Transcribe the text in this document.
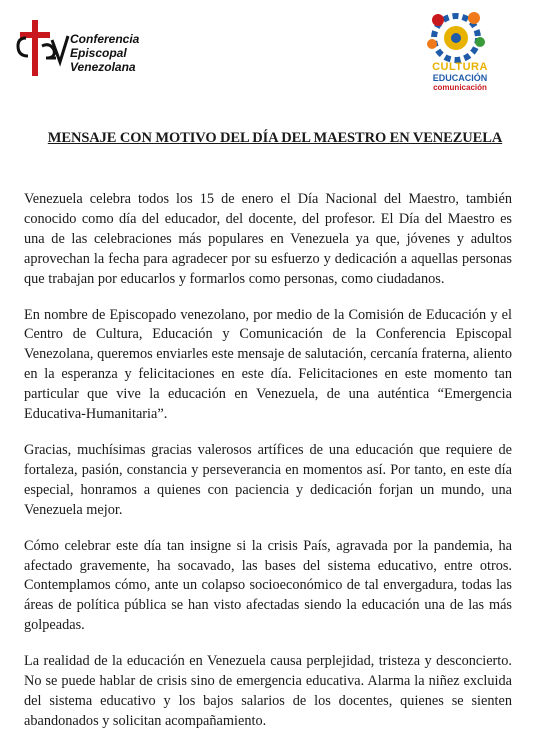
Conferencia
Episcopal
Venezolana	CULTURA
EDUCACIÓN
comunicación
MENSAJE CON MOTIVO DEL DÍA DEL MAESTRO EN VENEZUELA

Venezuela celebra todos los 15 de enero el Día Nacional del Maestro, también conocido como día del educador, del docente, del profesor. El Día del Maestro es una de las celebraciones más populares en Venezuela ya que, jóvenes y adultos aprovechan la fecha para agradecer por su esfuerzo y dedicación a aquellas personas que trabajan por educarlos y formarlos como personas, como ciudadanos.

En nombre de Episcopado venezolano, por medio de la Comisión de Educación y el Centro de Cultura, Educación y Comunicación de la Conferencia Episcopal Venezolana, queremos enviarles este mensaje de salutación, cercanía fraterna, aliento en la esperanza y felicitaciones en este día. Felicitaciones en este momento tan particular que vive la educación en Venezuela, de una auténtica “Emergencia Educativa-Humanitaria”.

Gracias, muchísimas gracias valerosos artífices de una educación que requiere de fortaleza, pasión, constancia y perseverancia en momentos así. Por tanto, en este día especial, honramos a quienes con paciencia y dedicación forjan un mundo, una Venezuela mejor.

Cómo celebrar este día tan insigne si la crisis País, agravada por la pandemia, ha afectado gravemente, ha socavado, las bases del sistema educativo, entre otros. Contemplamos cómo, ante un colapso socioeconómico de tal envergadura, todas las áreas de política pública se han visto afectadas siendo la educación una de las más golpeadas.

La realidad de la educación en Venezuela causa perplejidad, tristeza y desconcierto. No se puede hablar de crisis sino de emergencia educativa. Alarma la niñez excluida del sistema educativo y los bajos salarios de los docentes, quienes se sienten abandonados y solicitan acompañamiento.
